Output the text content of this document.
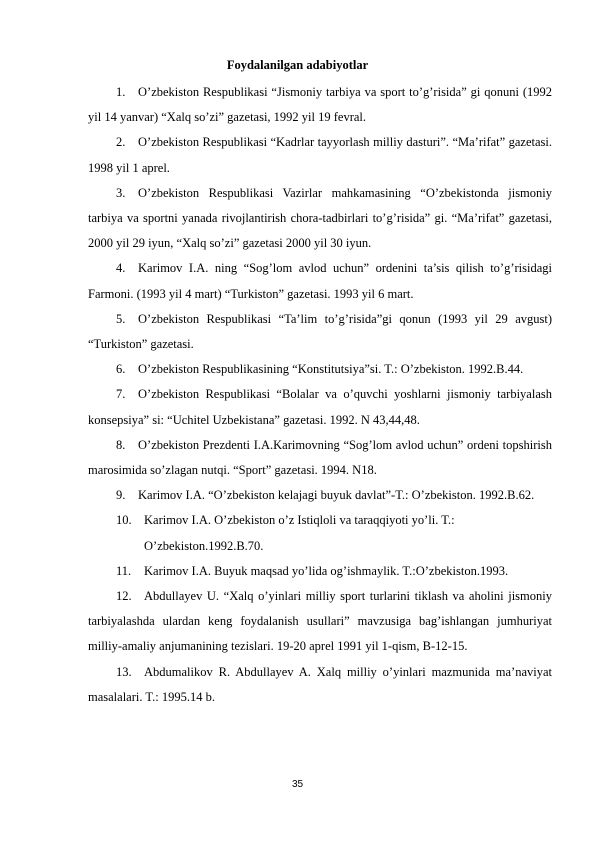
Foydalanilgan adabiyotlar

1. O’zbekiston Respublikasi “Jismoniy tarbiya va sport to’g’risida” gi qonuni (1992 yil 14 yanvar) “Xalq so’zi” gazetasi, 1992 yil 19 fevral.

2. O’zbekiston Respublikasi “Kadrlar tayyorlash milliy dasturi”. “Ma’rifat” gazetasi. 1998 yil 1 aprel.

3. O’zbekiston Respublikasi Vazirlar mahkamasining “O’zbekistonda jismoniy tarbiya va sportni yanada rivojlantirish chora-tadbirlari to’g’risida” gi. “Ma’rifat” gazetasi, 2000 yil 29 iyun, “Xalq so’zi” gazetasi 2000 yil 30 iyun.

4. Karimov I.A. ning “Sog’lom avlod uchun” ordenini ta’sis qilish to’g’risidagi Farmoni. (1993 yil 4 mart) “Turkiston” gazetasi. 1993 yil 6 mart.

5. O’zbekiston Respublikasi “Ta’lim to’g’risida”gi qonun (1993 yil 29 avgust) “Turkiston” gazetasi.

6. O’zbekiston Respublikasining “Konstitutsiya”si. T.: O’zbekiston. 1992.B.44.

7. O’zbekiston Respublikasi “Bolalar va o’quvchi yoshlarni jismoniy tarbiyalash konsepsiya” si: “Uchitel Uzbekistana” gazetasi. 1992. N 43,44,48.

8. O’zbekiston Prezdenti I.A.Karimovning “Sog’lom avlod uchun” ordeni topshirish marosimida so’zlagan nutqi. “Sport” gazetasi. 1994. N18.

9. Karimov I.A. “O’zbekiston kelajagi buyuk davlat”-T.: O’zbekiston. 1992.B.62.

10. Karimov I.A. O’zbekiston o’z Istiqloli va taraqqiyoti yo’li. T.:
O’zbekiston.1992.B.70.

11. Karimov I.A. Buyuk maqsad yo’lida og’ishmaylik. T.:O’zbekiston.1993.

12. Abdullayev U. “Xalq o’yinlari milliy sport turlarini tiklash va aholini jismoniy tarbiyalashda ulardan keng foydalanish usullari” mavzusiga bag’ishlangan jumhuriyat milliy-amaliy anjumanining tezislari. 19-20 aprel 1991 yil 1-qism, B-12-15.

13. Abdumalikov R. Abdullayev A. Xalq milliy o’yinlari mazmunida ma’naviyat masalalari. T.: 1995.14 b.

35
